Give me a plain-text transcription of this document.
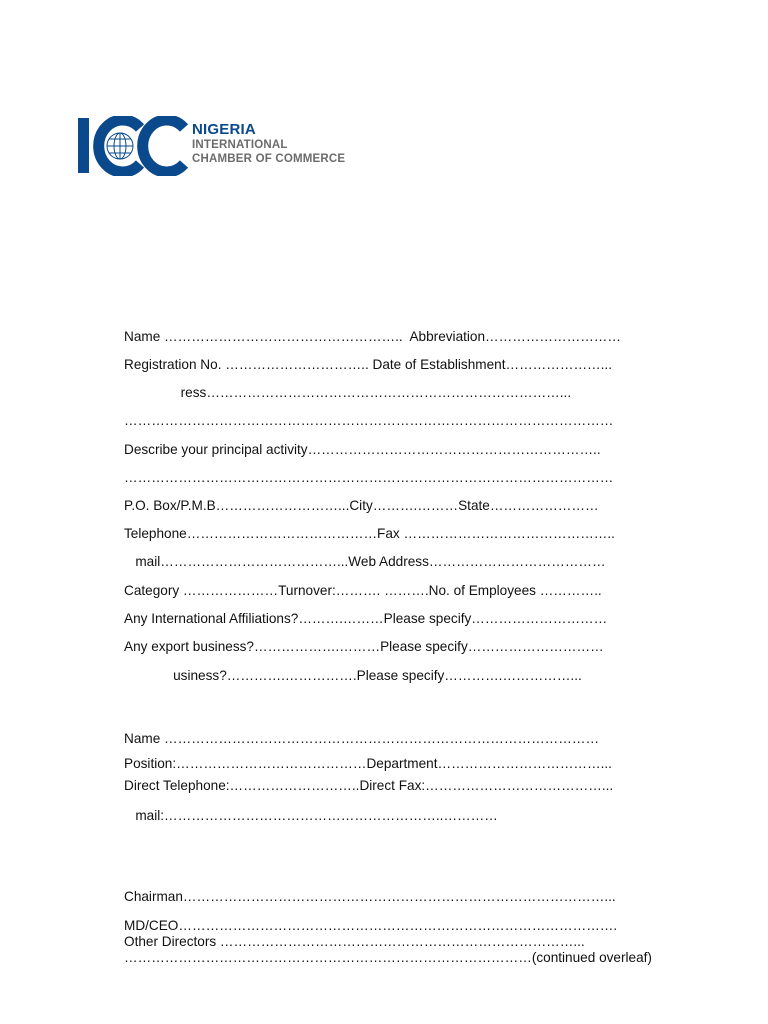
NIGERIA
INTERNATIONAL
CHAMBER OF COMMERCE
Name ……………………………………………..  Abbreviation…………………………
Registration No. ………………………….. Date of Establishment…………………...
ress……………………………………………………………………...
………………………………………………………………………………………………
Describe your principal activity………………………………………………………..
………………………………………………………………………………………………
P.O. Box/P.M.B………………………...City……….………State……………………
Telephone……………………………………Fax ………………………………………..
mail…………………………………...Web Address…………………………………
Category …………………Turnover:………. ……….No. of Employees …………..
Any International Affiliations?……….………Please specify…………………………
Any export business?……………….………Please specify…………………………
usiness?………….…………….Please specify………….……………...
Name ……………………………………………………………………………………
Position:……………………………………Department………………………………...
Direct Telephone:………………………..Direct Fax:…………………………………...
mail:……………………………………………………..…………
Chairman…………………………………………………………………………………...
MD/CEO…………………………………………………………………………………….
Other Directors ……………………………………………………………………...
………………………………………………………………………………(continued overleaf)
